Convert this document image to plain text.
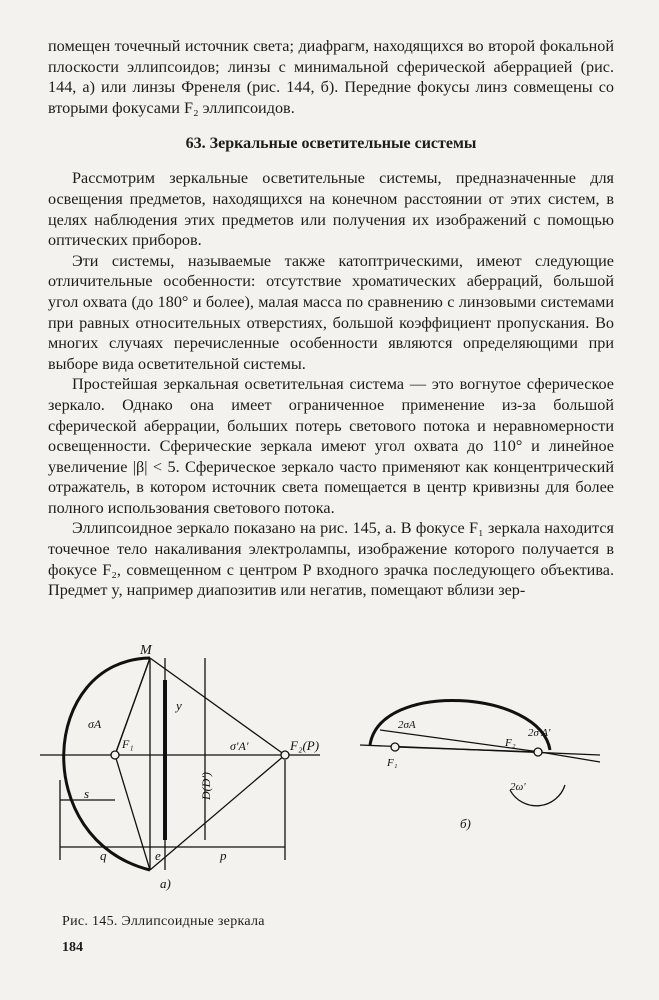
помещен точечный источник света; диафрагм, находящихся во второй фокальной плоскости эллипсоидов; линзы с минимальной сферической аберрацией (рис. 144, а) или линзы Френеля (рис. 144, б). Передние фокусы линз совмещены со вторыми фокусами F₂ эллипсоидов.

63. Зеркальные осветительные системы

Рассмотрим зеркальные осветительные системы, предназначенные для освещения предметов, находящихся на конечном расстоянии от этих систем, в целях наблюдения этих предметов или получения их изображений с помощью оптических приборов.

Эти системы, называемые также катоптрическими, имеют следующие отличительные особенности: отсутствие хроматических аберраций, большой угол охвата (до 180° и более), малая масса по сравнению с линзовыми системами при равных относительных отверстиях, большой коэффициент пропускания. Во многих случаях перечисленные особенности являются определяющими при выборе вида осветительной системы.

Простейшая зеркальная осветительная система — это вогнутое сферическое зеркало. Однако она имеет ограниченное применение из-за большой сферической аберрации, больших потерь светового потока и неравномерности освещенности. Сферические зеркала имеют угол охвата до 110° и линейное увеличение |β| < 5. Сферическое зеркало часто применяют как концентрический отражатель, в котором источник света помещается в центр кривизны для более полного использования светового потока.

Эллипсоидное зеркало показано на рис. 145, а. В фокусе F₁ зеркала находится точечное тело накаливания электролампы, изображение которого получается в фокусе F₂, совмещенном с центром P входного зрачка последующего объектива. Предмет y, например диапозитив или негатив, помещают вблизи зер-

M
σA
F₁
y
D(D')
σ'A'	F₂(P)
s
q	e	p
а)
2σA
F₂
2σ'A'
F₁
2ω'
б)
Рис. 145. Эллипсоидные зеркала
184
